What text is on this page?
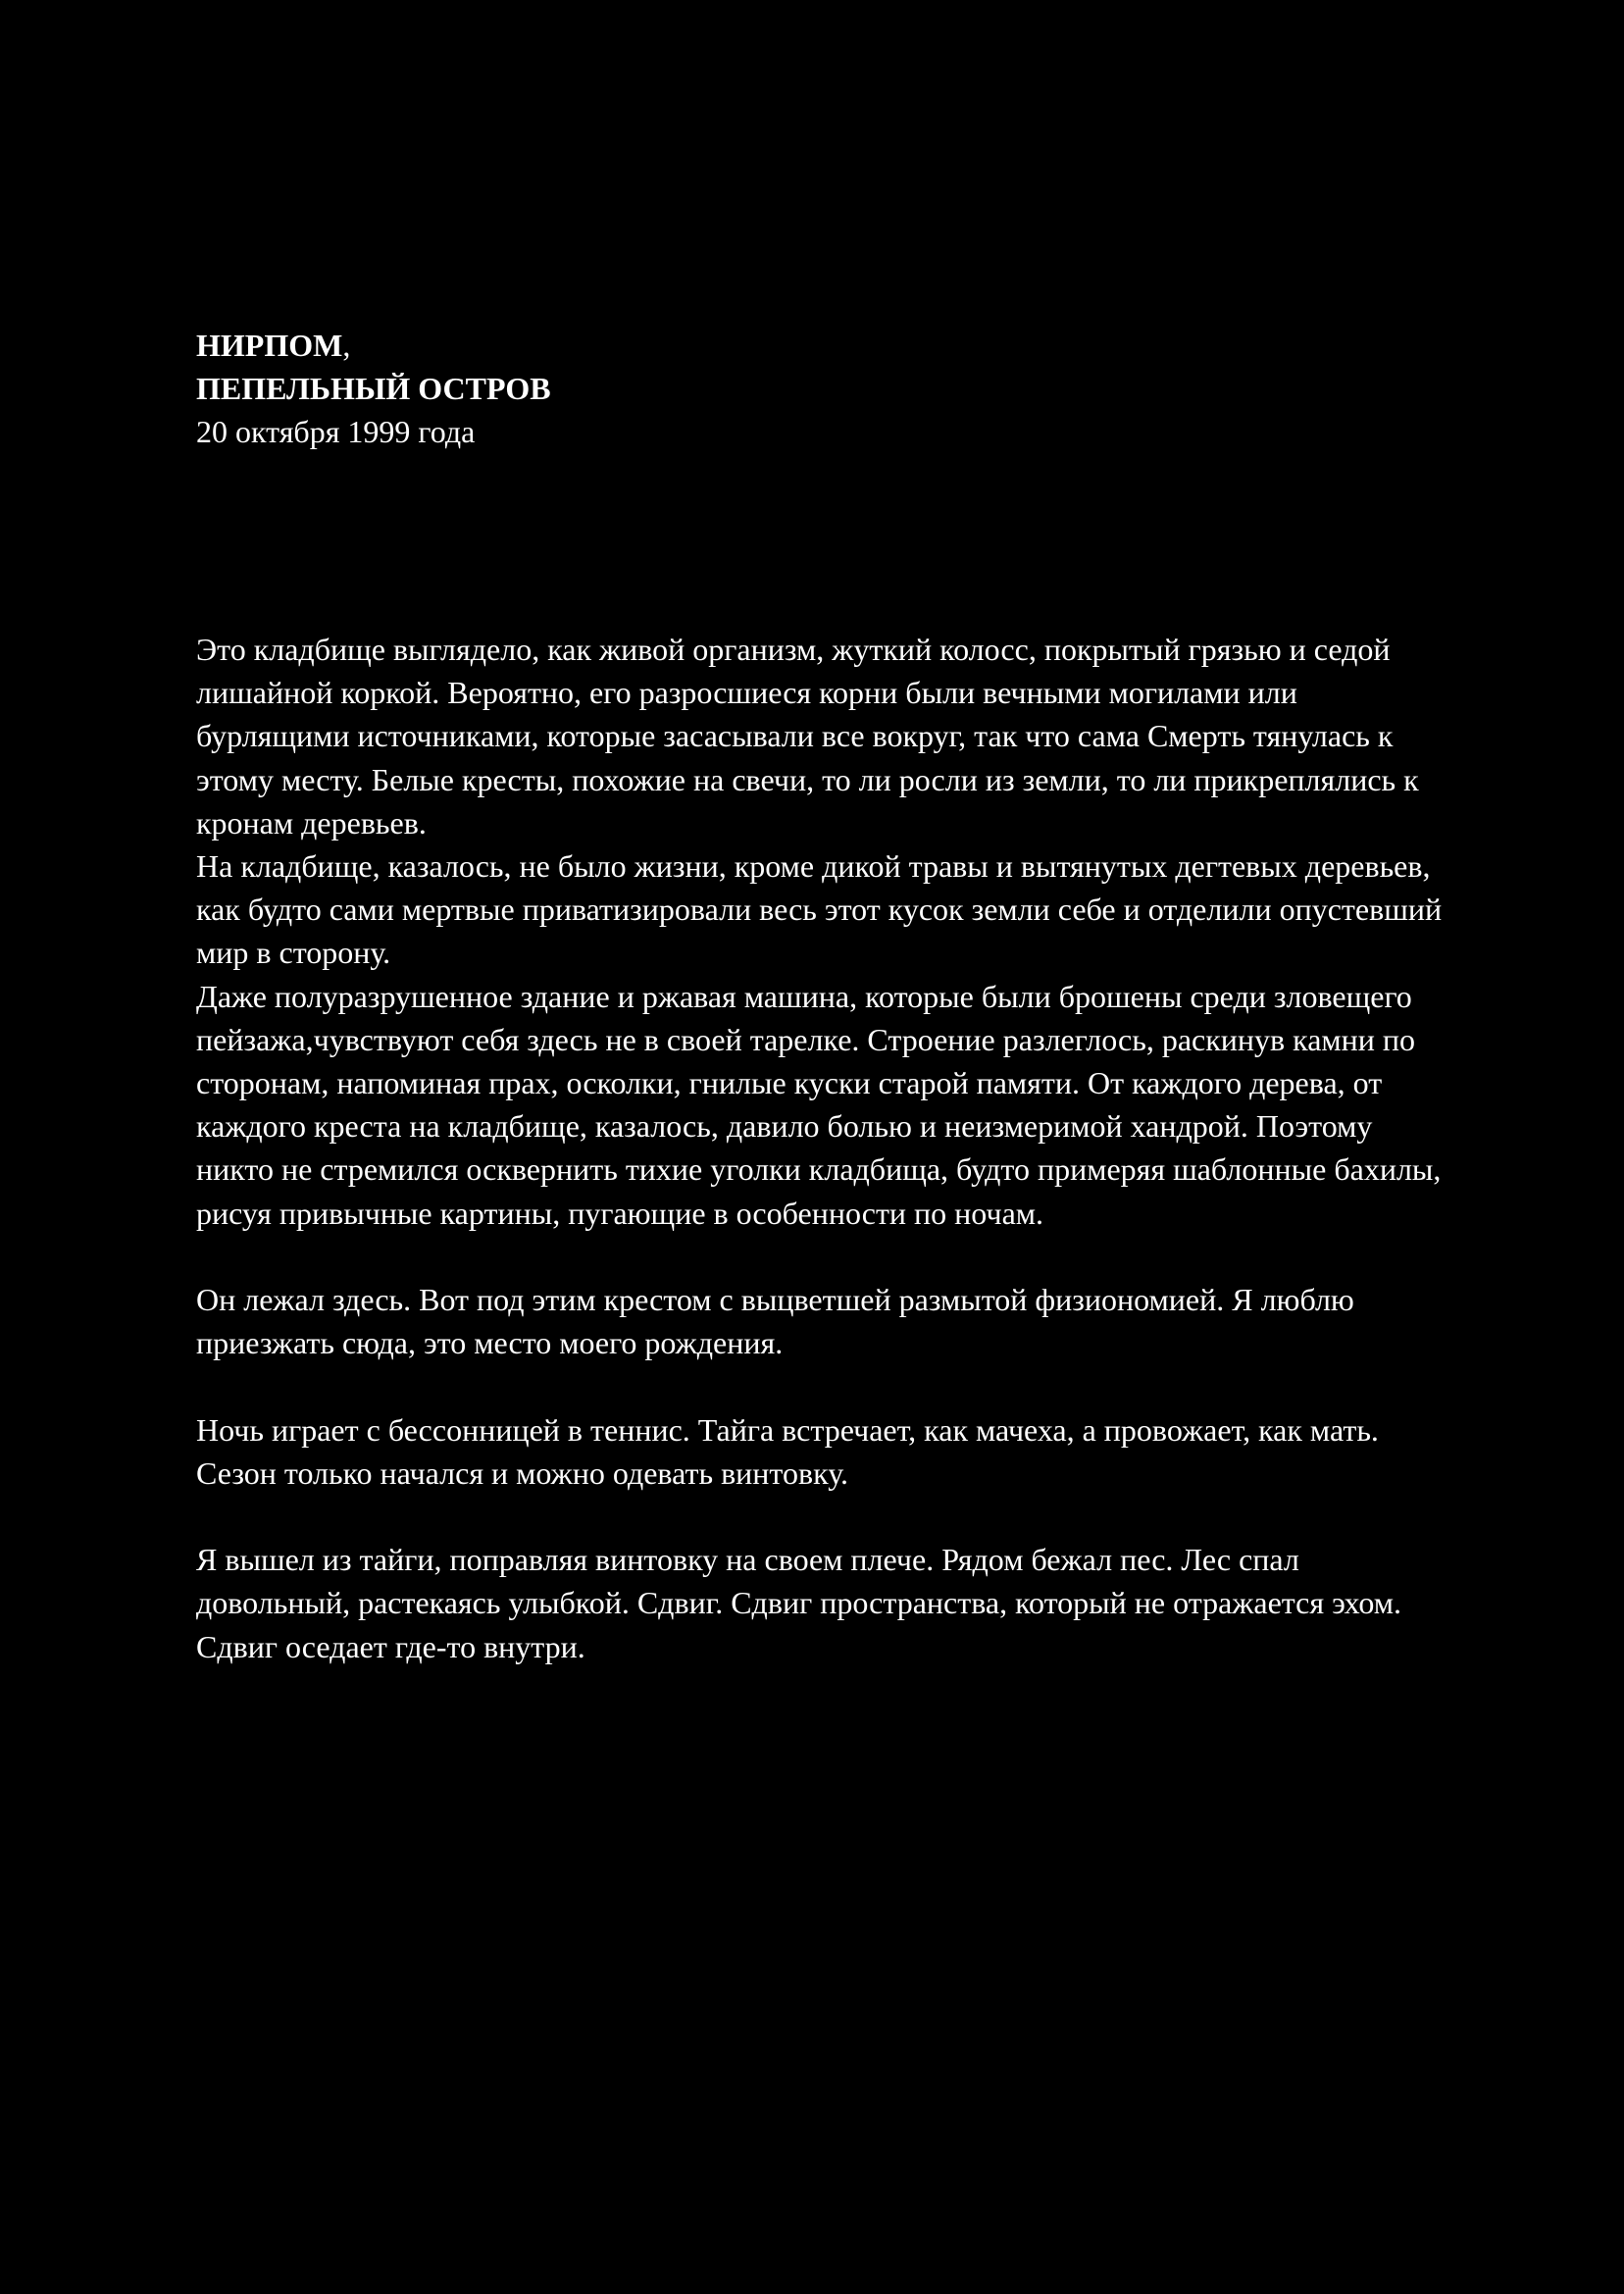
НИРПОМ,
ПЕПЕЛЬНЫЙ ОСТРОВ
20 октября 1999 года

Это кладбище выглядело, как живой организм, жуткий колосс, покрытый грязью и седой лишайной коркой. Вероятно, его разросшиеся корни были вечными могилами или бурлящими источниками, которые засасывали все вокруг, так что сама Смерть тянулась к этому месту. Белые кресты, похожие на свечи, то ли росли из земли, то ли прикреплялись к кронам деревьев.

На кладбище, казалось, не было жизни, кроме дикой травы и вытянутых дегтевых деревьев, как будто сами мертвые приватизировали весь этот кусок земли себе и отделили опустевший мир в сторону.

Даже полуразрушенное здание и ржавая машина, которые были брошены среди зловещего пейзажа,чувствуют себя здесь не в своей тарелке. Строение разлеглось, раскинув камни по сторонам, напоминая прах, осколки, гнилые куски старой памяти. От каждого дерева, от каждого креста на кладбище, казалось, давило болью и неизмеримой хандрой. Поэтому никто не стремился осквернить тихие уголки кладбища, будто примеряя шаблонные бахилы, рисуя привычные картины, пугающие в особенности по ночам.

Он лежал здесь. Вот под этим крестом с выцветшей размытой физиономией. Я люблю приезжать сюда, это место моего рождения.

Ночь играет с бессонницей в теннис. Тайга встречает, как мачеха, а провожает, как мать. Сезон только начался и можно одевать винтовку.

Я вышел из тайги, поправляя винтовку на своем плече. Рядом бежал пес. Лес спал довольный, растекаясь улыбкой. Сдвиг. Сдвиг пространства, который не отражается эхом. Сдвиг оседает где-то внутри.
